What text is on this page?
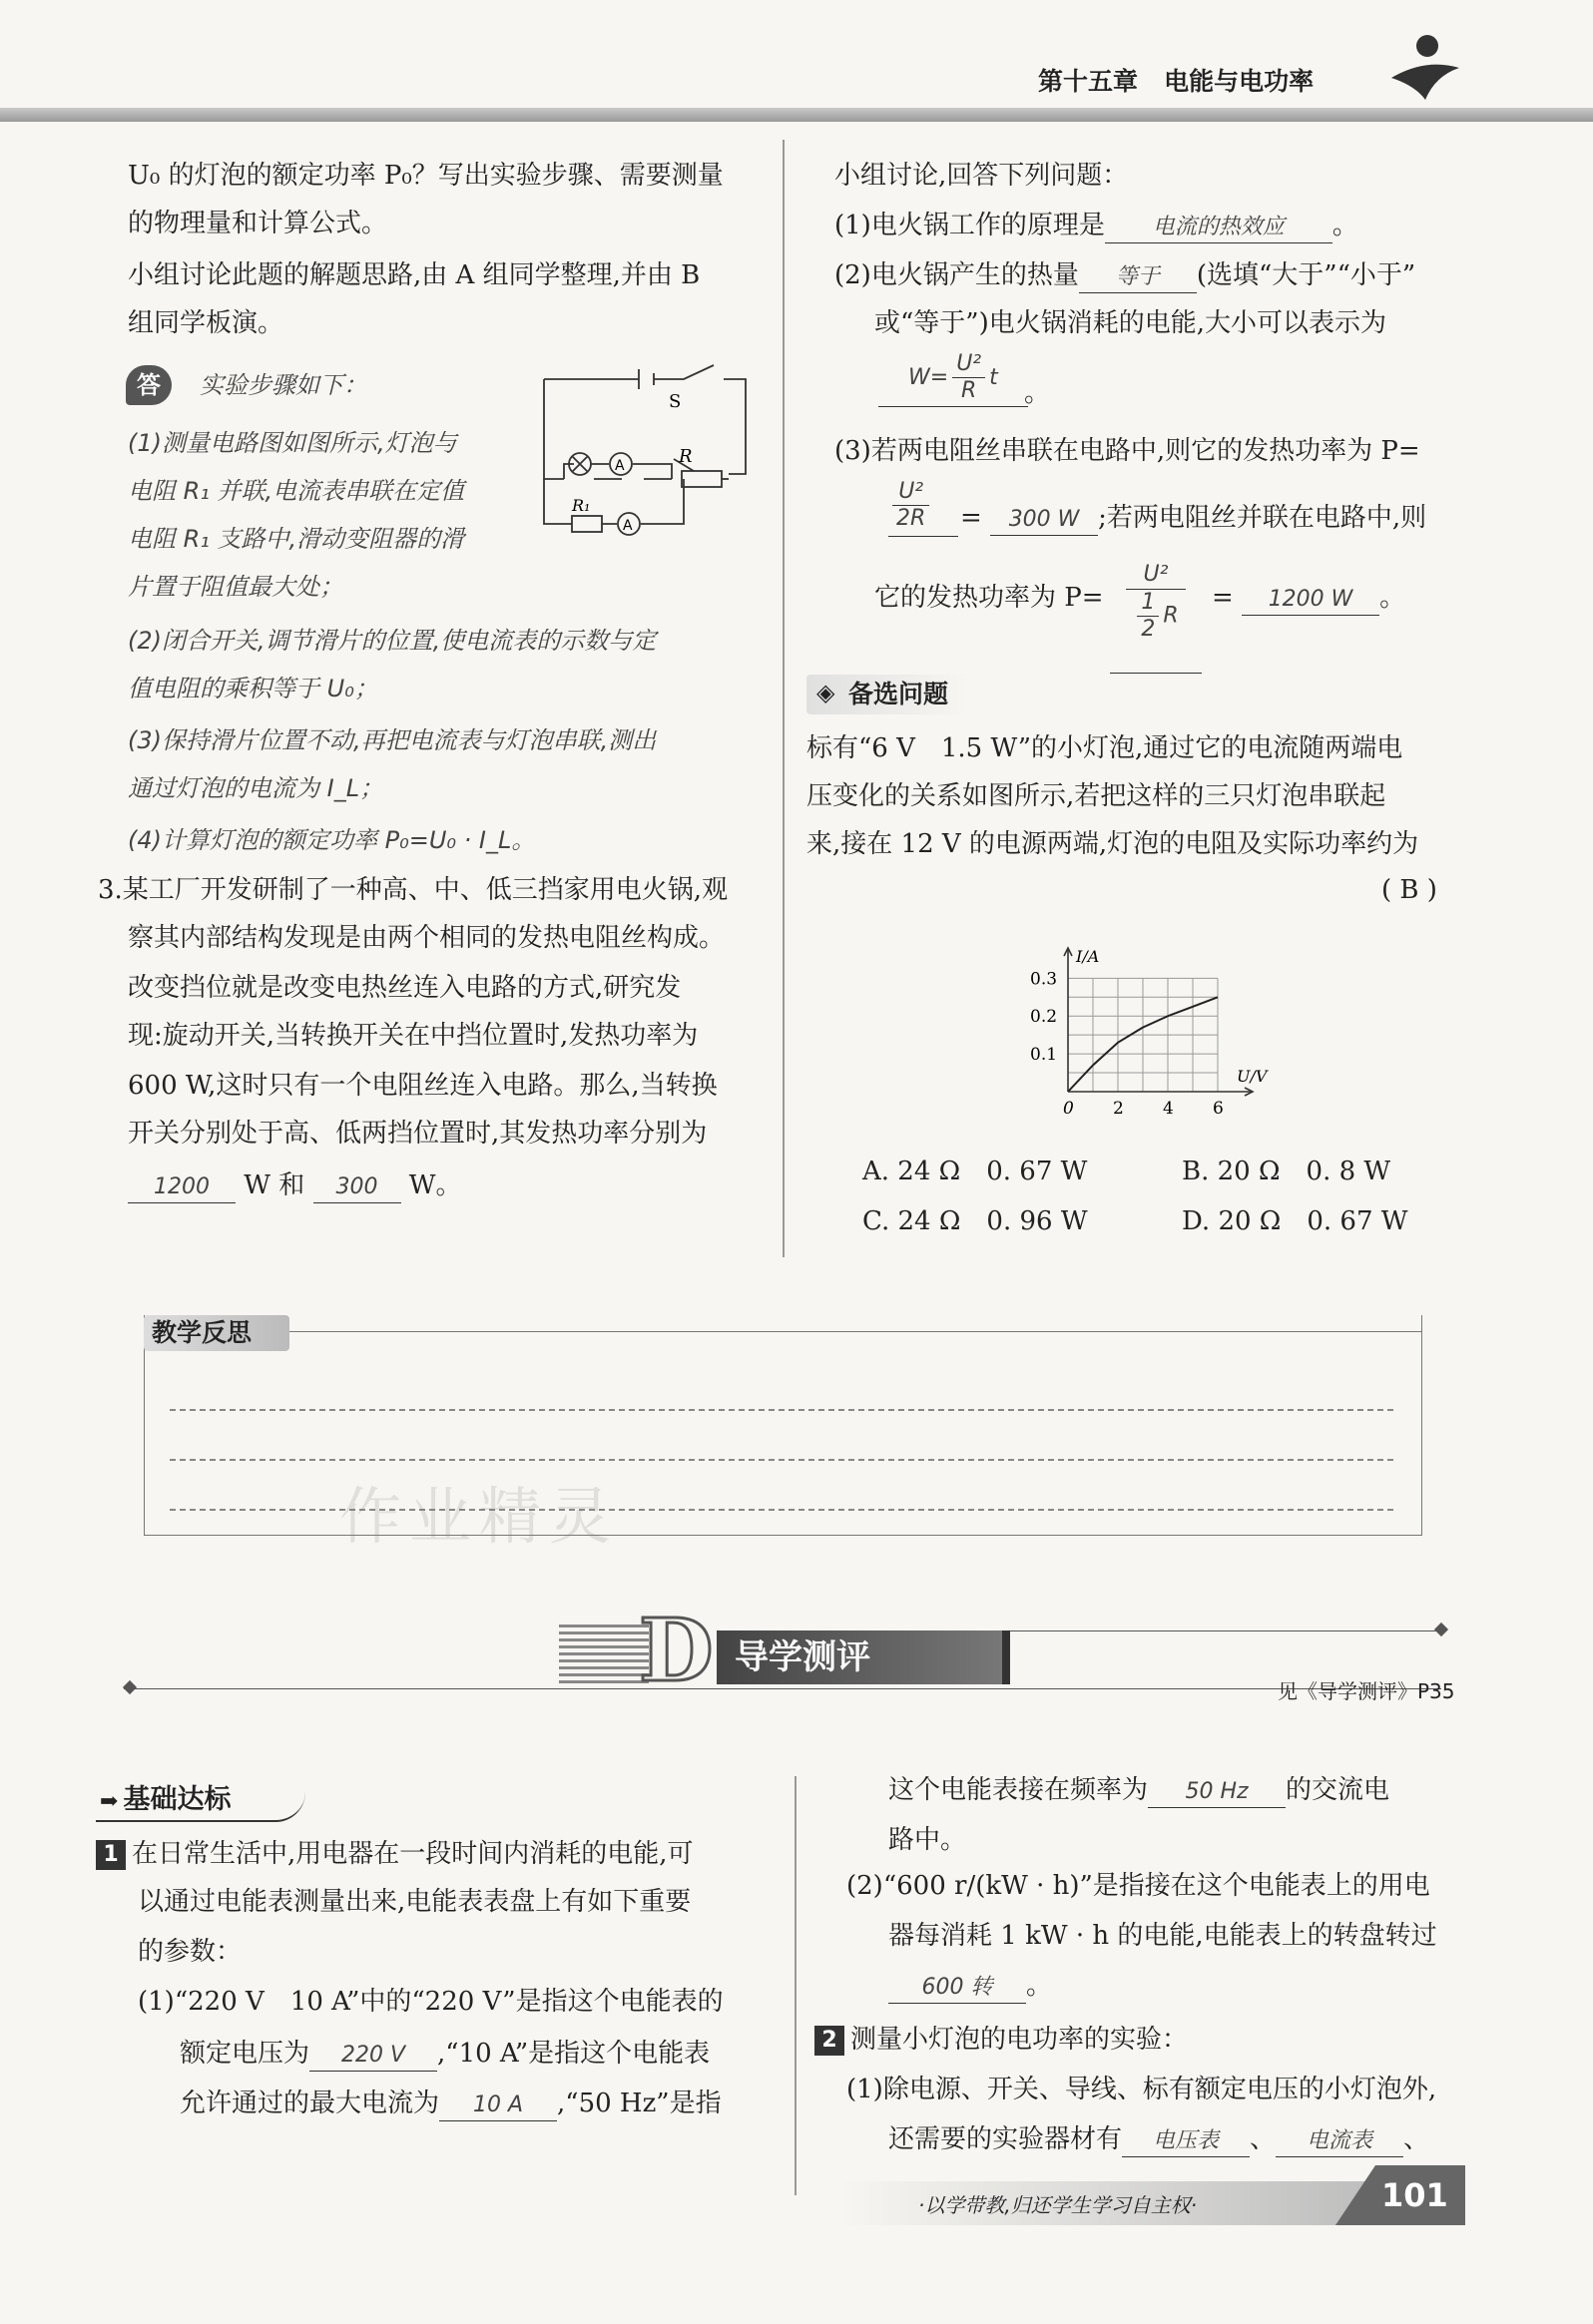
第十五章 电能与电功率
U₀ 的灯泡的额定功率 P₀？写出实验步骤、需要测量
的物理量和计算公式。
小组讨论此题的解题思路,由 A 组同学整理,并由 B
组同学板演。
答	实验步骤如下：
(1)测量电路图如图所示,灯泡与
电阻 R₁ 并联,电流表串联在定值
电阻 R₁ 支路中,滑动变阻器的滑
片置于阻值最大处；
(2)闭合开关,调节滑片的位置,使电流表的示数与定
值电阻的乘积等于 U₀；
(3)保持滑片位置不动,再把电流表与灯泡串联,测出
通过灯泡的电流为 I_L；
(4)计算灯泡的额定功率 P₀=U₀ · I_L。
S
R
R₁
A
A
3.某工厂开发研制了一种高、中、低三挡家用电火锅,观
察其内部结构发现是由两个相同的发热电阻丝构成。
改变挡位就是改变电热丝连入电路的方式,研究发
现:旋动开关,当转换开关在中挡位置时,发热功率为
600 W,这时只有一个电阻丝连入电路。那么,当转换
开关分别处于高、低两挡位置时,其发热功率分别为
1200 W 和 300 W。
小组讨论,回答下列问题：
(1)电火锅工作的原理是 电流的热效应 。
(2)电火锅产生的热量 等于 (选填“大于”“小于”
或“等于”)电火锅消耗的电能,大小可以表示为
$W= \frac{\text{U²}}{R}$ t
。
(3)若两电阻丝串联在电路中,则它的发热功率为 P=
$\frac{\text{U²}}{2R} = 300$ W ;若两电阻丝并联在电路中,则
它的发热功率为 P=
U²
$\frac{1}{2}$ R
= 1200 W 。
◈ 备选问题
标有“6 V　1.5 W”的小灯泡,通过它的电流随两端电
压变化的关系如图所示,若把这样的三只灯泡串联起
来,接在 12 V 的电源两端,灯泡的电阻及实际功率约为
( B )
I/A
U/V
0 2 4 6
0.1
0.2
0.3
A. 24 Ω　0. 67 W	B. 20 Ω　0. 8 W
C. 24 Ω　0. 96 W	D. 20 Ω　0. 67 W
教学反思
D 导学测评
见《导学测评》P35
➡ 基础达标
1 在日常生活中,用电器在一段时间内消耗的电能,可
以通过电能表测量出来,电能表表盘上有如下重要
的参数：
(1)“220 V　10 A”中的“220 V”是指这个电能表的
额定电压为 220 V ,“10 A”是指这个电能表
允许通过的最大电流为 10 A ,“50 Hz”是指
这个电能表接在频率为 50 Hz 的交流电
路中。
(2)“600 r/(kW · h)”是指接在这个电能表上的用电
器每消耗 1 kW · h 的电能,电能表上的转盘转过
600 转 。
2 测量小灯泡的电功率的实验：
(1)除电源、开关、导线、标有额定电压的小灯泡外,
还需要的实验器材有 电压表 、 电流表 、
·以学带教,归还学生学习自主权·	101
作业精灵
